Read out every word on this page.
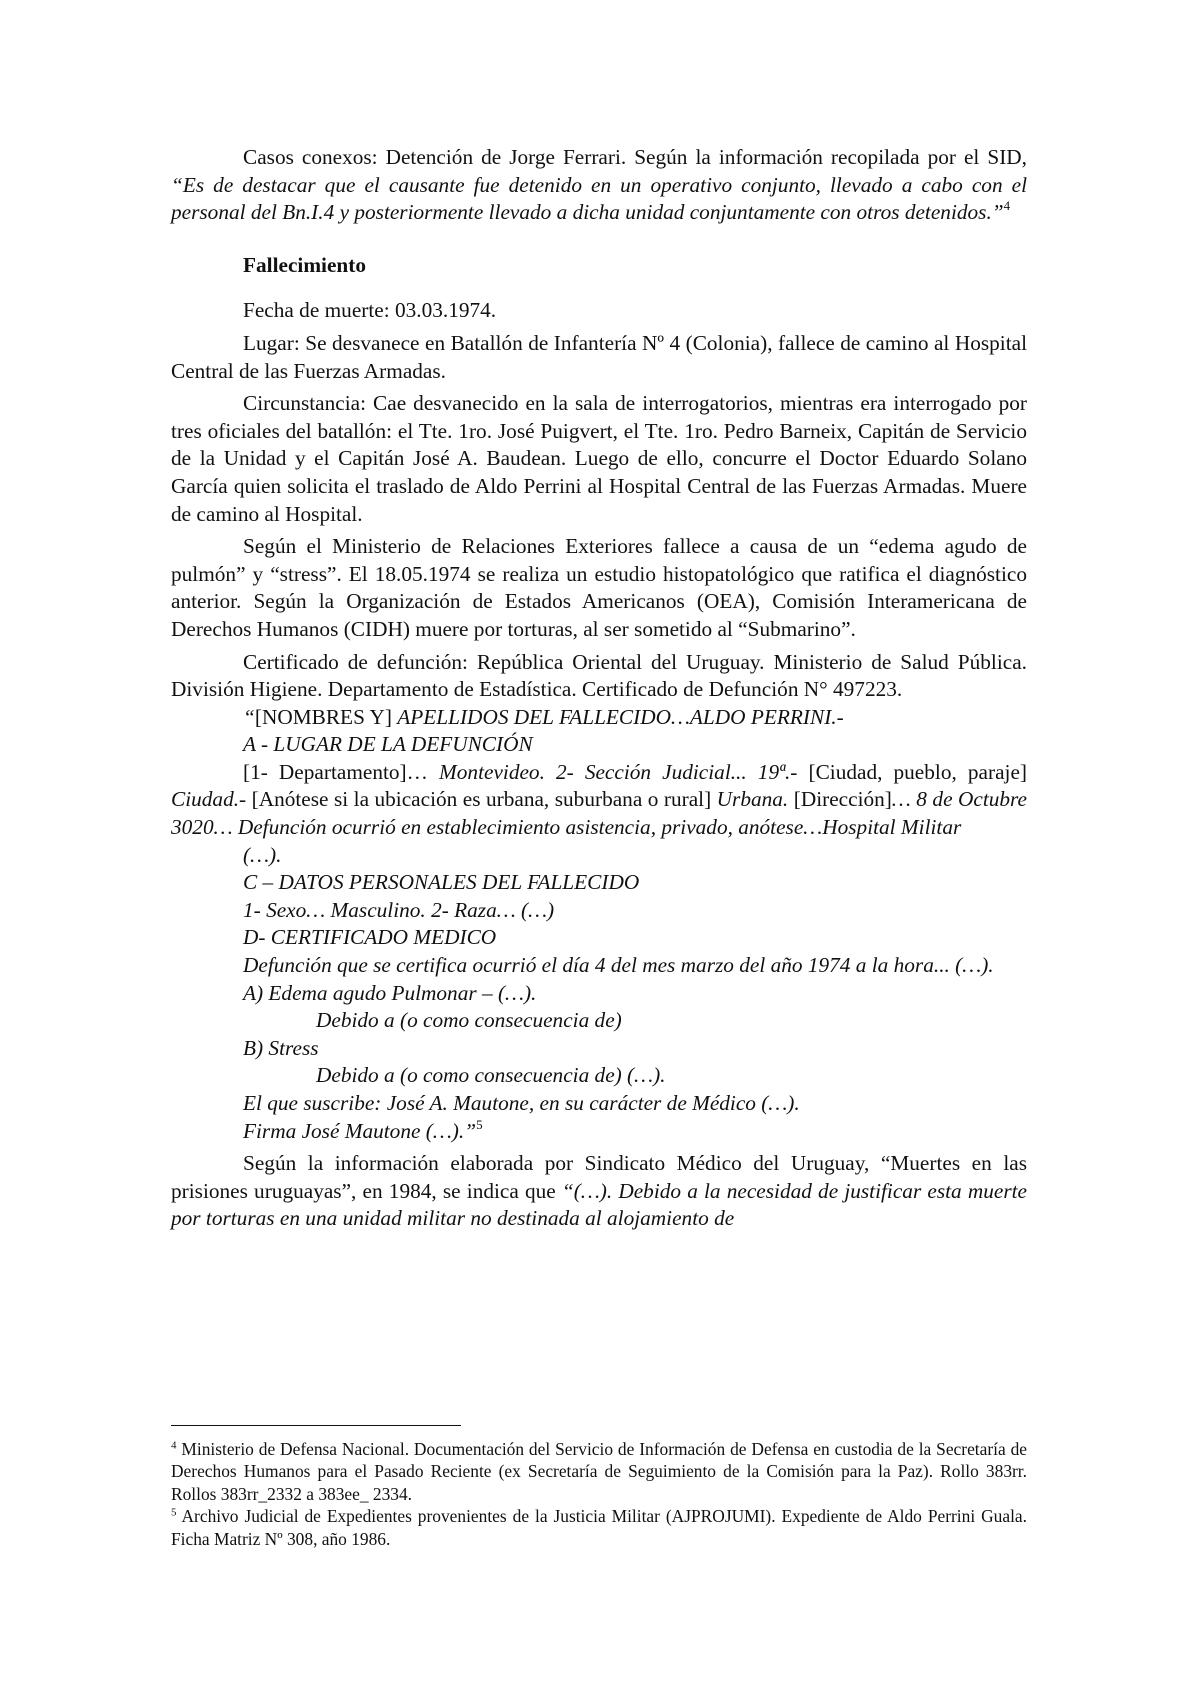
Casos conexos: Detención de Jorge Ferrari. Según la información recopilada por el SID, “Es de destacar que el causante fue detenido en un operativo conjunto, llevado a cabo con el personal del Bn.I.4 y posteriormente llevado a dicha unidad conjuntamente con otros detenidos.”$^4$

Fallecimiento

Fecha de muerte: 03.03.1974.

Lugar: Se desvanece en Batallón de Infantería Nº 4 (Colonia), fallece de camino al Hospital Central de las Fuerzas Armadas.

Circunstancia: Cae desvanecido en la sala de interrogatorios, mientras era interrogado por tres oficiales del batallón: el Tte. 1ro. José Puigvert, el Tte. 1ro. Pedro Barneix, Capitán de Servicio de la Unidad y el Capitán José A. Baudean. Luego de ello, concurre el Doctor Eduardo Solano García quien solicita el traslado de Aldo Perrini al Hospital Central de las Fuerzas Armadas. Muere de camino al Hospital.

Según el Ministerio de Relaciones Exteriores fallece a causa de un “edema agudo de pulmón” y “stress”. El 18.05.1974 se realiza un estudio histopatológico que ratifica el diagnóstico anterior. Según la Organización de Estados Americanos (OEA), Comisión Interamericana de Derechos Humanos (CIDH) muere por torturas, al ser sometido al “Submarino”.

Certificado de defunción: República Oriental del Uruguay. Ministerio de Salud Pública. División Higiene. Departamento de Estadística. Certificado de Defunción N° 497223.

“[NOMBRES Y] APELLIDOS DEL FALLECIDO…ALDO PERRINI.-

A - LUGAR DE LA DEFUNCIÓN

[1- Departamento]… Montevideo. 2- Sección Judicial... 19ª.- [Ciudad, pueblo, paraje] Ciudad.- [Anótese si la ubicación es urbana, suburbana o rural] Urbana. [Dirección]… 8 de Octubre 3020… Defunción ocurrió en establecimiento asistencia, privado, anótese…Hospital Militar

(…).

C – DATOS PERSONALES DEL FALLECIDO

1- Sexo… Masculino. 2- Raza… (…)

D- CERTIFICADO MEDICO

Defunción que se certifica ocurrió el día 4 del mes marzo del año 1974 a la hora... (…).

A) Edema agudo Pulmonar – (…).

Debido a (o como consecuencia de)

B) Stress

Debido a (o como consecuencia de) (…).

El que suscribe: José A. Mautone, en su carácter de Médico (…).

Firma José Mautone (…).”$^5$

Según la información elaborada por Sindicato Médico del Uruguay, “Muertes en las prisiones uruguayas”, en 1984, se indica que “(…). Debido a la necesidad de justificar esta muerte por torturas en una unidad militar no destinada al alojamiento de

$^4$ Ministerio de Defensa Nacional. Documentación del Servicio de Información de Defensa en custodia de la Secretaría de Derechos Humanos para el Pasado Reciente (ex Secretaría de Seguimiento de la Comisión para la Paz). Rollo 383rr. Rollos 383rr_2332 a 383ee_ 2334.

$^5$ Archivo Judicial de Expedientes provenientes de la Justicia Militar (AJPROJUMI). Expediente de Aldo Perrini Guala. Ficha Matriz Nº 308, año 1986.
